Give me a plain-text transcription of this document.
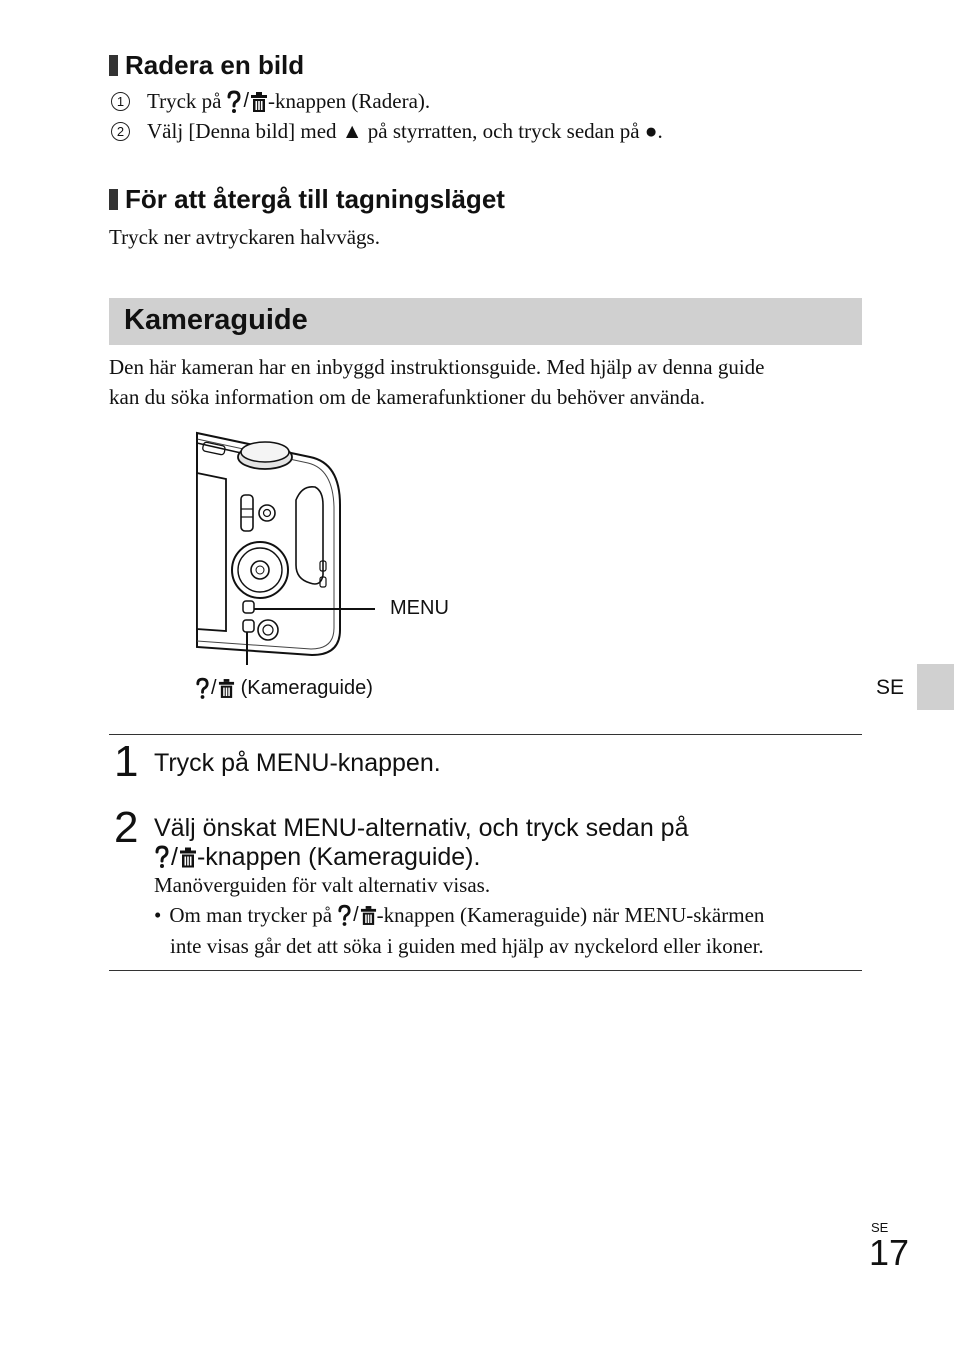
Radera en bild
1 Tryck på / -knappen (Radera).
2 Välj [Denna bild] med ▲ på styrratten, och tryck sedan på ●.
För att återgå till tagningsläget
Tryck ner avtryckaren halvvägs.
Kameraguide
Den här kameran har en inbyggd instruktionsguide. Med hjälp av denna guide
kan du söka information om de kamerafunktioner du behöver använda.
MENU
/ (Kameraguide)	SE
1 Tryck på MENU-knappen.
2 Välj önskat MENU-alternativ, och tryck sedan på
/ -knappen (Kameraguide).
Manöverguiden för valt alternativ visas.
• Om man trycker på / -knappen (Kameraguide) när MENU-skärmen
inte visas går det att söka i guiden med hjälp av nyckelord eller ikoner.
SE
17
